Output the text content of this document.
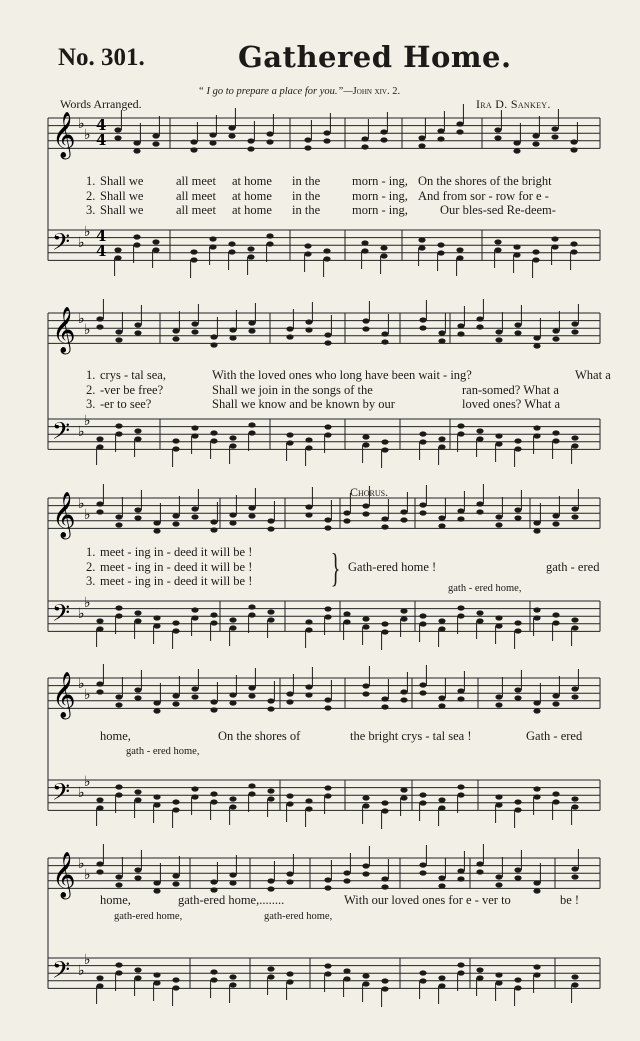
No. 301.	Gathered Home.
“ I go to prepare a place for you.”—John xiv. 2.
Words Arranged.	Ira D. Sankey.
𝄞
𝄢
♭
♭
♭
♭
𝄞
𝄢
♭
♭
♭
♭
𝄞
𝄢
♭
♭
♭
♭
𝄞
𝄢
♭
♭
♭
♭
𝄞
𝄢
♭
♭
♭
♭
4
4
4
4
1. Shall we	all meet at home in the	morn - ing, On the shores of the bright
2. Shall we	all meet at home in the	morn - ing, And from sor - row for e -
3. Shall we	all meet at home in the	morn - ing,	Our bles-sed Re-deem-
1. crys - tal sea,	With the loved ones who long have been wait - ing?	What a
2. -ver be free?	Shall we join in the songs of the	ran-somed? What a
3. -er to see?	Shall we know and be known by our	loved ones? What a
Chorus.
1. meet - ing in - deed it will be !
2. meet - ing in - deed it will be !
3. meet - ing in - deed it will be ! } Gath-ered home !	gath - ered
gath - ered home,
home,	On the shores of	the bright crys - tal sea !	Gath - ered
gath - ered home,
home,	gath-ered home,........	With our loved ones for e - ver to	be !
gath-ered home,	gath-ered home,
